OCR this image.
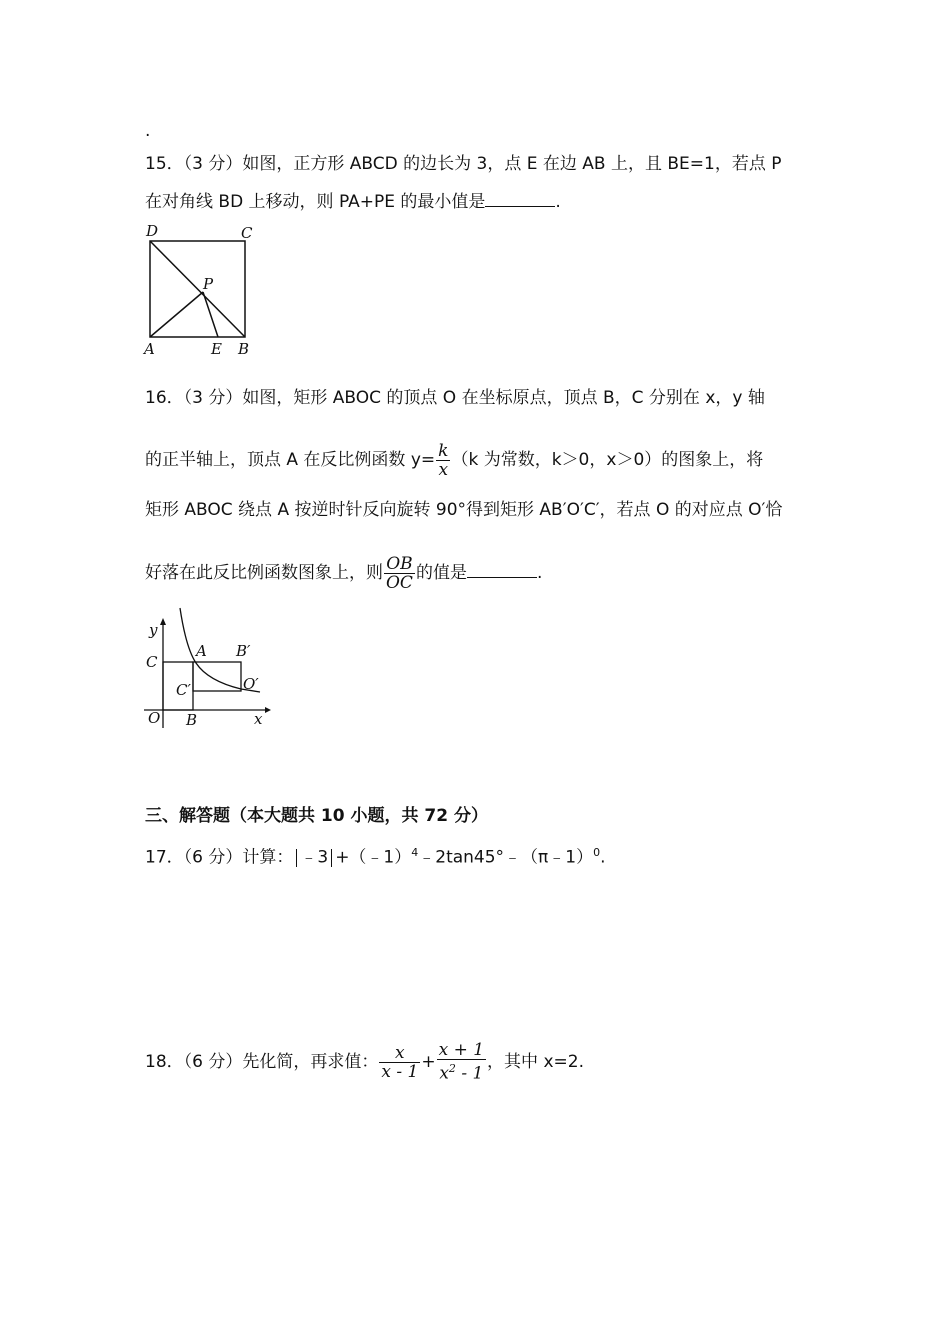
.
15．（3 分）如图，正方形 ABCD 的边长为 3，点 E 在边 AB 上，且 BE=1，若点 P
在对角线 BD 上移动，则 PA+PE 的最小值是	.
D	C
P
A	E B
16．（3 分）如图，矩形 ABOC 的顶点 O 在坐标原点，顶点 B，C 分别在 x，y 轴
的正半轴上，顶点 A 在反比例函数 $y= \frac{k}{x} (k$ 为常数，k＞0，x＞0）的图象上，将
矩形 ABOC 绕点 A 按逆时针反向旋转 90°得到矩形 AB′O′C′，若点 O 的对应点 O′恰
好落在此反比例函数图象上，则 $\frac{OB}{OC}$ 的值是	.
y
C
A B′
C′	O′
O B	x
三、解答题（本大题共 10 小题，共 72 分）
17．（6 分）计算： ﹣3 +（﹣1）$^4$﹣2tan45°﹣（π﹣1）$^0$.
18．（6 分）先化简，再求值： $\frac{x}{x - 1} + \frac{x + 1}{x^2 - 1}$ ，其中 x=2.
